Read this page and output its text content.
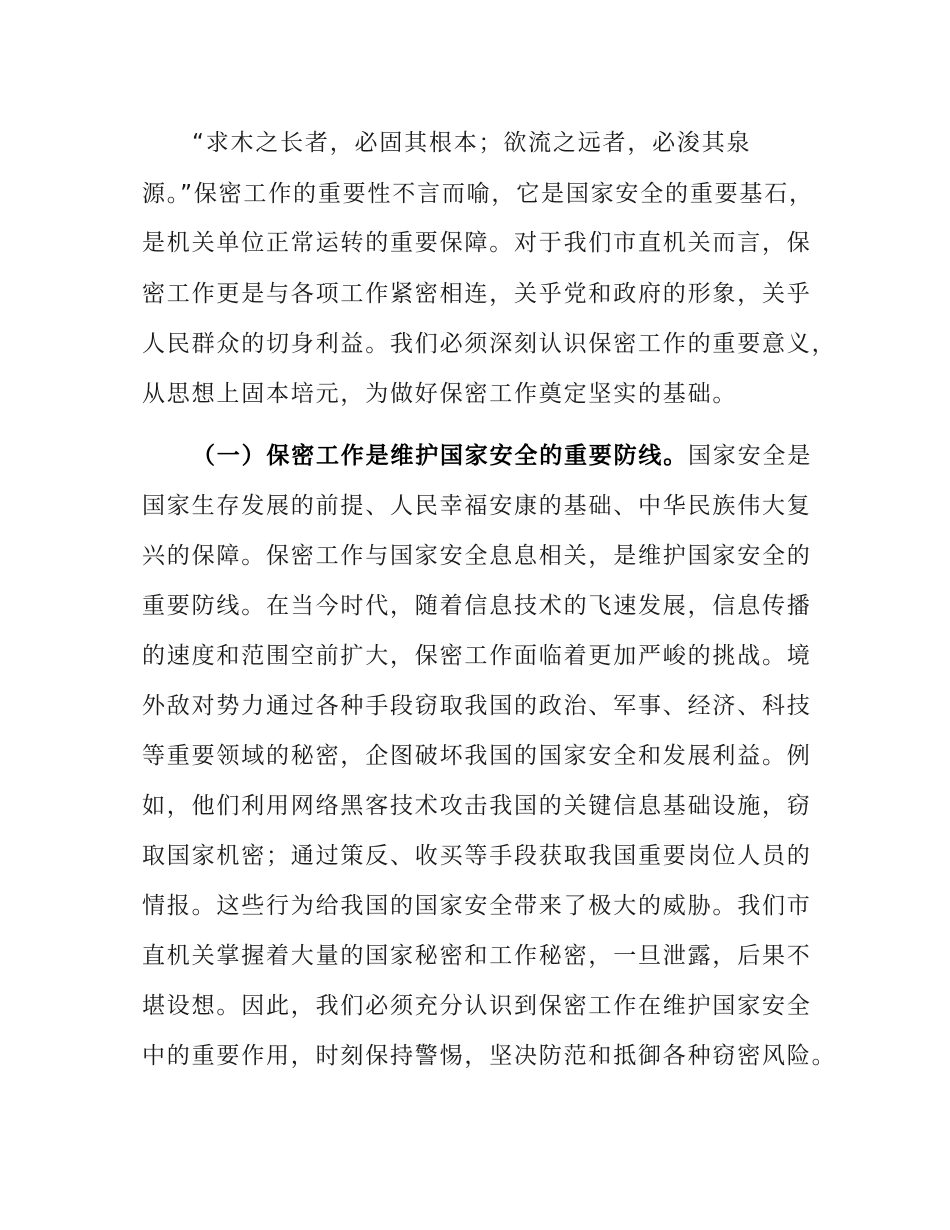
“求木之长者，必固其根本；欲流之远者，必浚其泉
源。”保密工作的重要性不言而喻，它是国家安全的重要基石，
是机关单位正常运转的重要保障。对于我们市直机关而言，保
密工作更是与各项工作紧密相连，关乎党和政府的形象，关乎
人民群众的切身利益。我们必须深刻认识保密工作的重要意义，
从思想上固本培元，为做好保密工作奠定坚实的基础。
（一）保密工作是维护国家安全的重要防线。国家安全是
国家生存发展的前提、人民幸福安康的基础、中华民族伟大复
兴的保障。保密工作与国家安全息息相关，是维护国家安全的
重要防线。在当今时代，随着信息技术的飞速发展，信息传播
的速度和范围空前扩大，保密工作面临着更加严峻的挑战。境
外敌对势力通过各种手段窃取我国的政治、军事、经济、科技
等重要领域的秘密，企图破坏我国的国家安全和发展利益。例
如，他们利用网络黑客技术攻击我国的关键信息基础设施，窃
取国家机密；通过策反、收买等手段获取我国重要岗位人员的
情报。这些行为给我国的国家安全带来了极大的威胁。我们市
直机关掌握着大量的国家秘密和工作秘密，一旦泄露，后果不
堪设想。因此，我们必须充分认识到保密工作在维护国家安全
中的重要作用，时刻保持警惕，坚决防范和抵御各种窃密风险。
